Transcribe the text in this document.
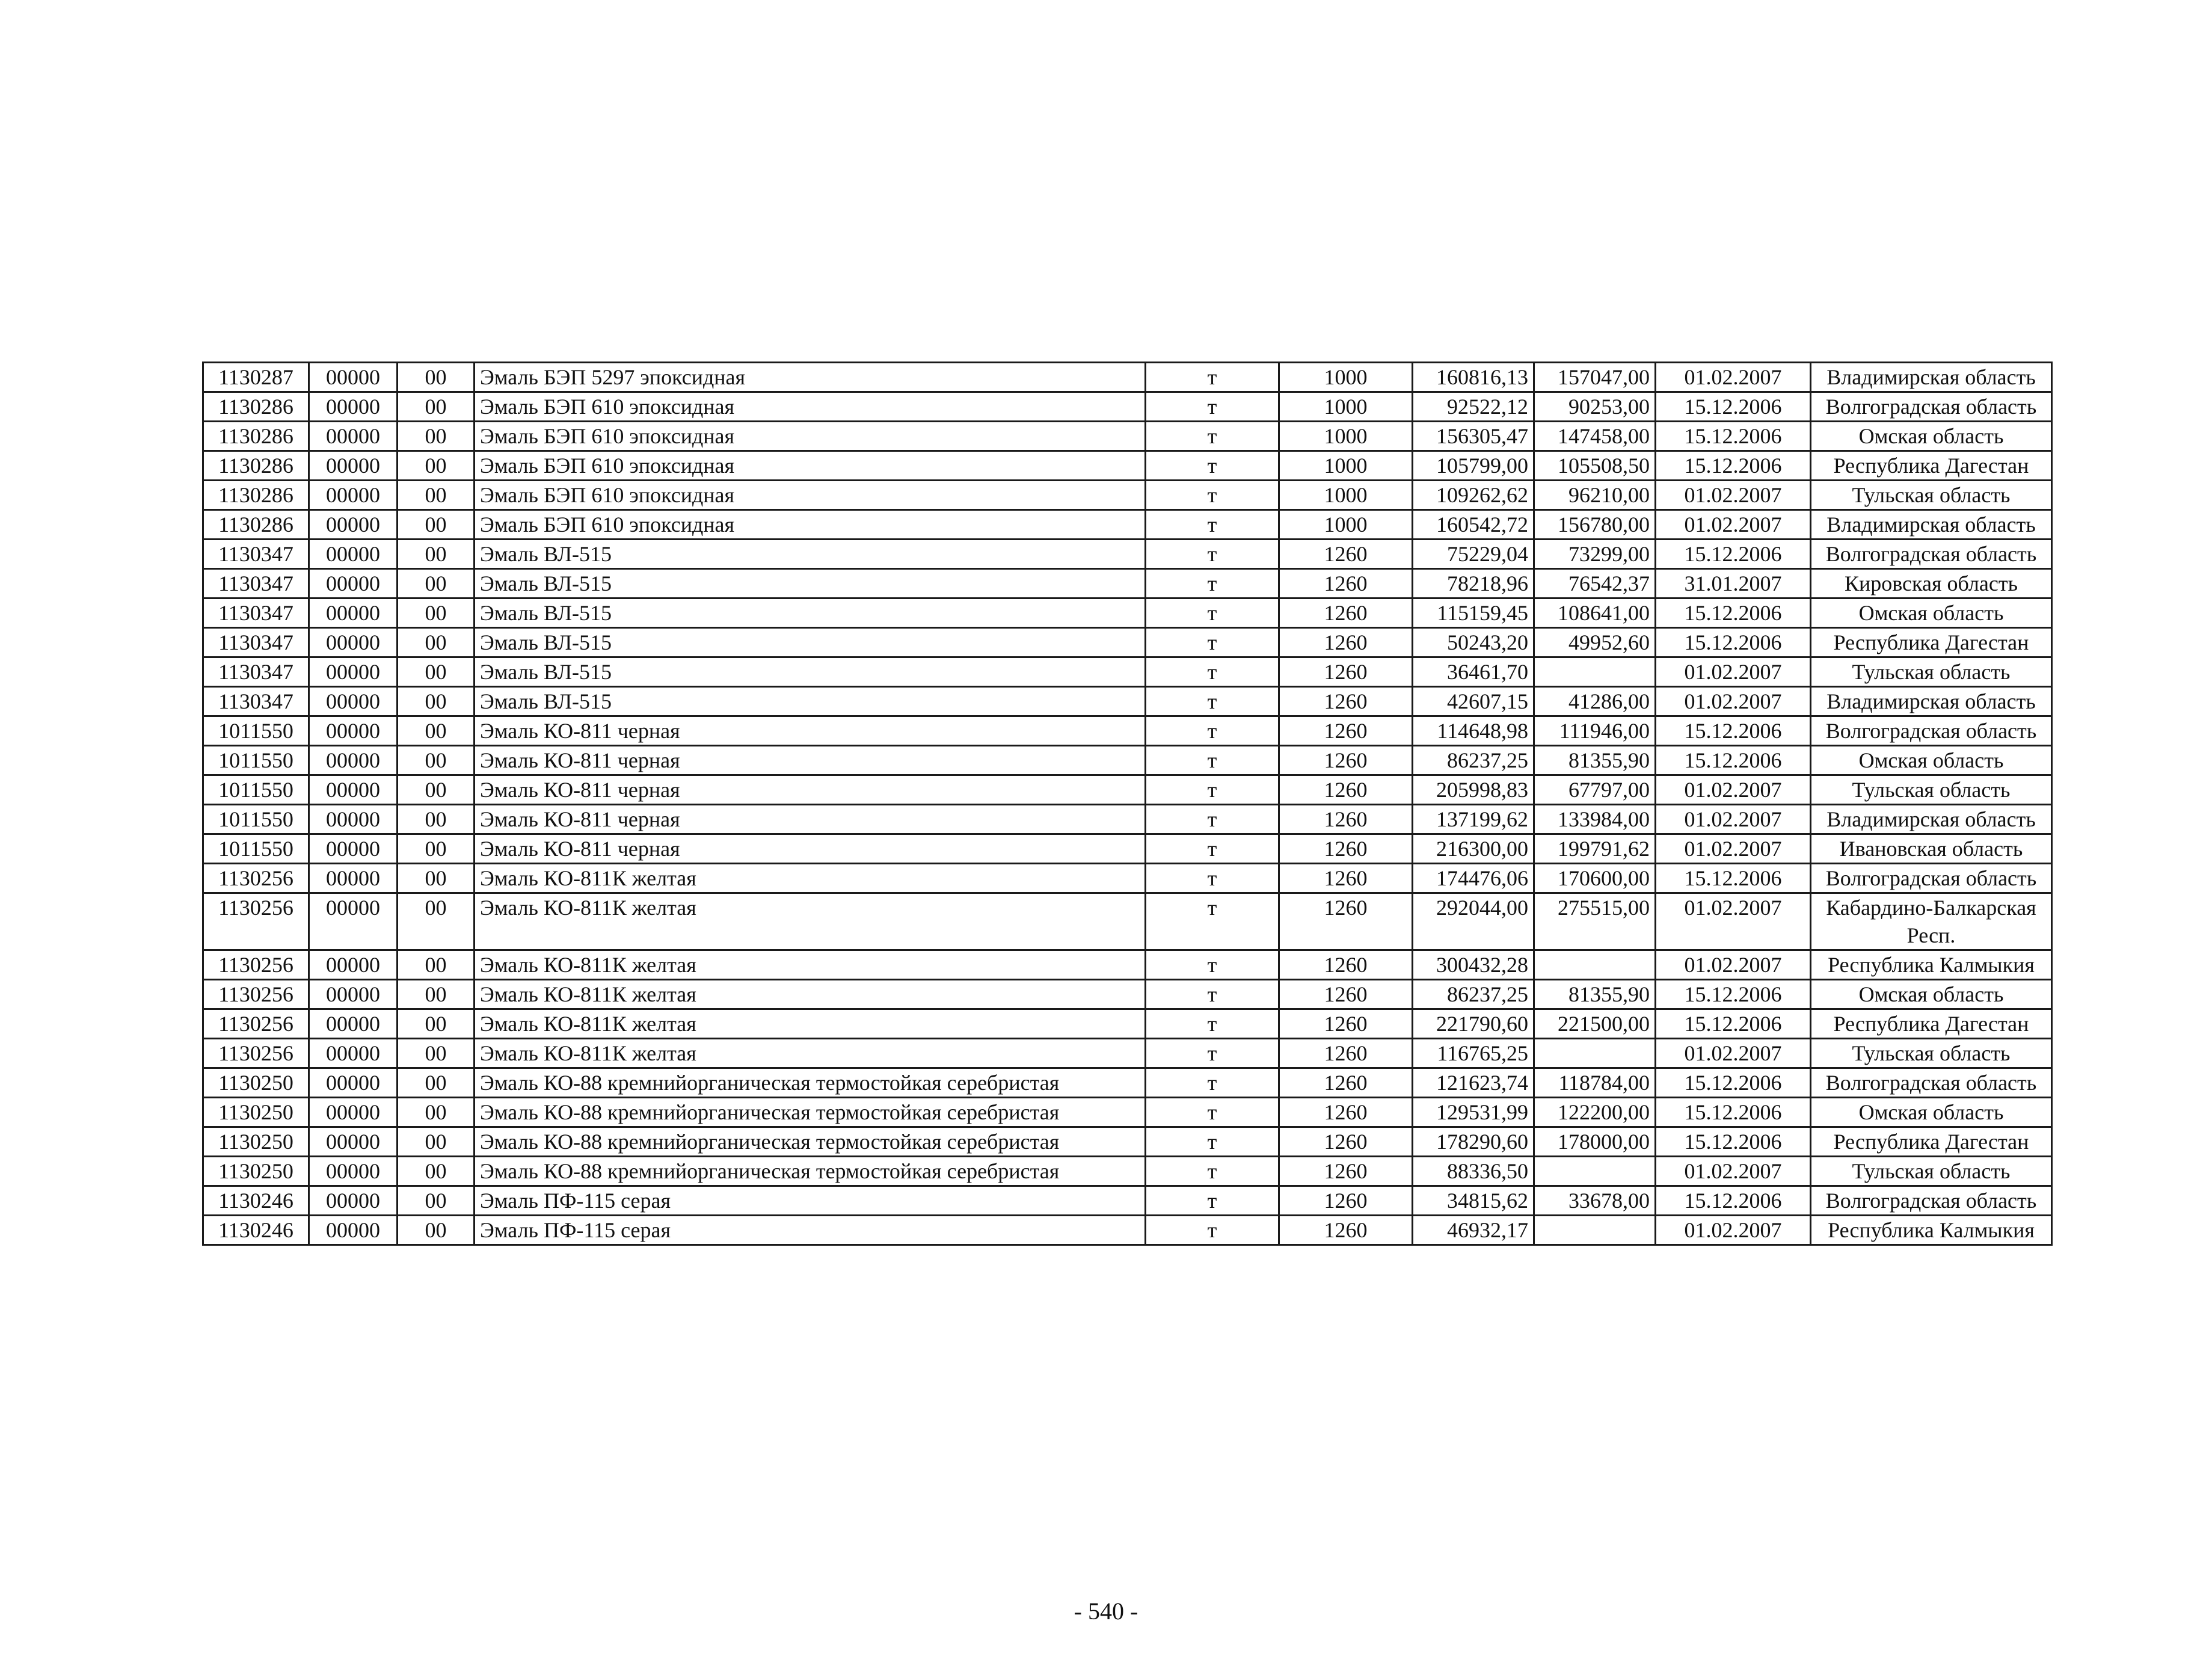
1130287	00000	00	Эмаль БЭП 5297 эпоксидная	т	1000	160816,13	157047,00	01.02.2007	Владимирская область
1130286	00000	00	Эмаль БЭП 610 эпоксидная	т	1000	92522,12	90253,00	15.12.2006	Волгоградская область
1130286	00000	00	Эмаль БЭП 610 эпоксидная	т	1000	156305,47	147458,00	15.12.2006	Омская область
1130286	00000	00	Эмаль БЭП 610 эпоксидная	т	1000	105799,00	105508,50	15.12.2006	Республика Дагестан
1130286	00000	00	Эмаль БЭП 610 эпоксидная	т	1000	109262,62	96210,00	01.02.2007	Тульская область
1130286	00000	00	Эмаль БЭП 610 эпоксидная	т	1000	160542,72	156780,00	01.02.2007	Владимирская область
1130347	00000	00	Эмаль ВЛ-515	т	1260	75229,04	73299,00	15.12.2006	Волгоградская область
1130347	00000	00	Эмаль ВЛ-515	т	1260	78218,96	76542,37	31.01.2007	Кировская область
1130347	00000	00	Эмаль ВЛ-515	т	1260	115159,45	108641,00	15.12.2006	Омская область
1130347	00000	00	Эмаль ВЛ-515	т	1260	50243,20	49952,60	15.12.2006	Республика Дагестан
1130347	00000	00	Эмаль ВЛ-515	т	1260	36461,70		01.02.2007	Тульская область
1130347	00000	00	Эмаль ВЛ-515	т	1260	42607,15	41286,00	01.02.2007	Владимирская область
1011550	00000	00	Эмаль КО-811 черная	т	1260	114648,98	111946,00	15.12.2006	Волгоградская область
1011550	00000	00	Эмаль КО-811 черная	т	1260	86237,25	81355,90	15.12.2006	Омская область
1011550	00000	00	Эмаль КО-811 черная	т	1260	205998,83	67797,00	01.02.2007	Тульская область
1011550	00000	00	Эмаль КО-811 черная	т	1260	137199,62	133984,00	01.02.2007	Владимирская область
1011550	00000	00	Эмаль КО-811 черная	т	1260	216300,00	199791,62	01.02.2007	Ивановская область
1130256	00000	00	Эмаль КО-811К желтая	т	1260	174476,06	170600,00	15.12.2006	Волгоградская область
1130256	00000	00	Эмаль КО-811К желтая	т	1260	292044,00	275515,00	01.02.2007	Кабардино-Балкарская Респ.
1130256	00000	00	Эмаль КО-811К желтая	т	1260	300432,28		01.02.2007	Республика Калмыкия
1130256	00000	00	Эмаль КО-811К желтая	т	1260	86237,25	81355,90	15.12.2006	Омская область
1130256	00000	00	Эмаль КО-811К желтая	т	1260	221790,60	221500,00	15.12.2006	Республика Дагестан
1130256	00000	00	Эмаль КО-811К желтая	т	1260	116765,25		01.02.2007	Тульская область
1130250	00000	00	Эмаль КО-88 кремнийорганическая термостойкая серебристая	т	1260	121623,74	118784,00	15.12.2006	Волгоградская область
1130250	00000	00	Эмаль КО-88 кремнийорганическая термостойкая серебристая	т	1260	129531,99	122200,00	15.12.2006	Омская область
1130250	00000	00	Эмаль КО-88 кремнийорганическая термостойкая серебристая	т	1260	178290,60	178000,00	15.12.2006	Республика Дагестан
1130250	00000	00	Эмаль КО-88 кремнийорганическая термостойкая серебристая	т	1260	88336,50		01.02.2007	Тульская область
1130246	00000	00	Эмаль ПФ-115 серая	т	1260	34815,62	33678,00	15.12.2006	Волгоградская область
1130246	00000	00	Эмаль ПФ-115 серая	т	1260	46932,17		01.02.2007	Республика Калмыкия
- 540 -
